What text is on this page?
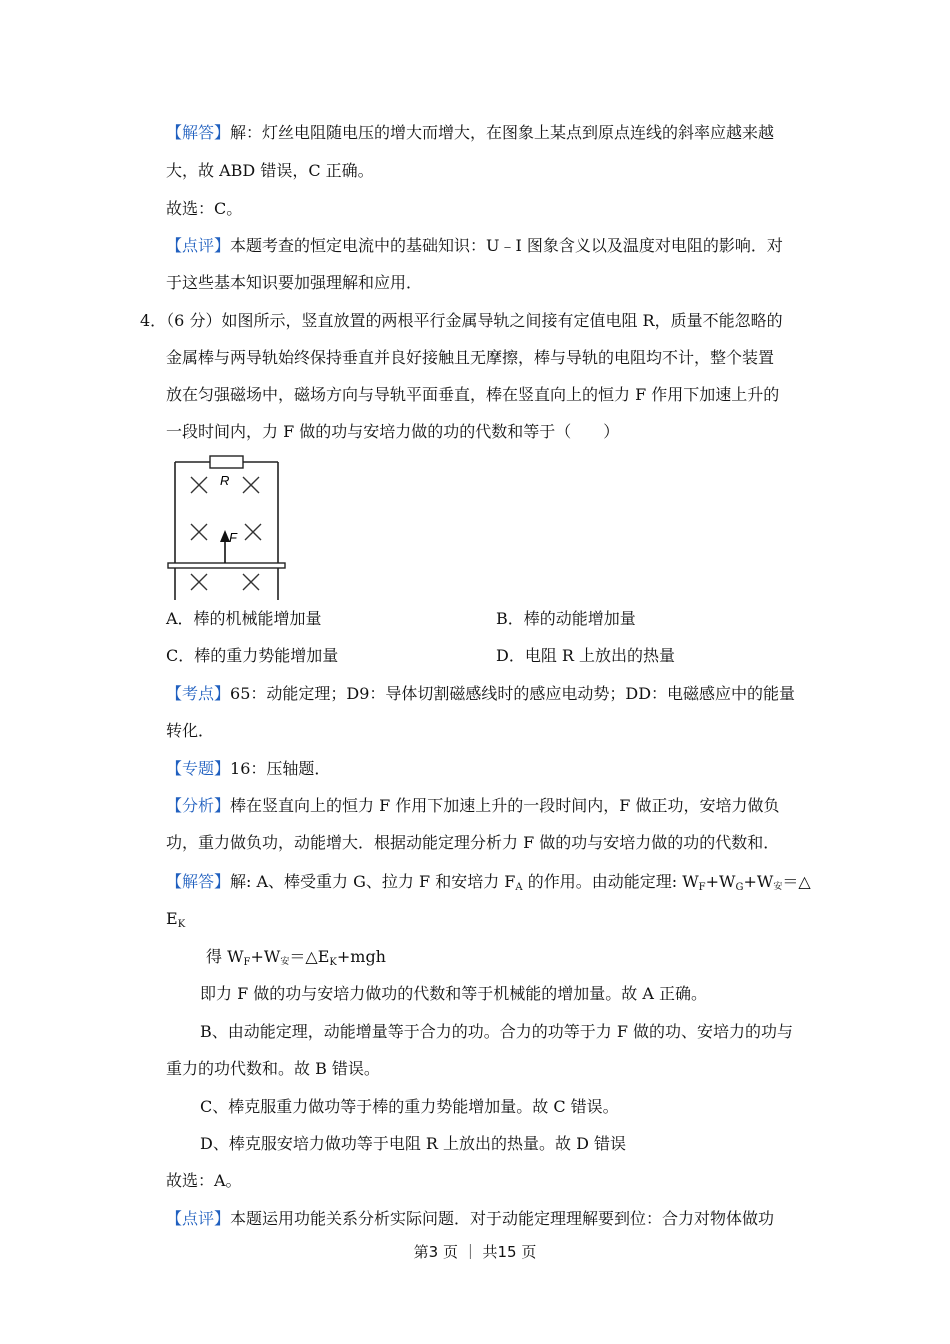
【解答】解：灯丝电阻随电压的增大而增大，在图象上某点到原点连线的斜率应越来越
大，故 ABD 错误，C 正确。
故选：C。
【点评】本题考查的恒定电流中的基础知识：U﹣I 图象含义以及温度对电阻的影响．对
于这些基本知识要加强理解和应用．
4．（6 分）如图所示，竖直放置的两根平行金属导轨之间接有定值电阻 R，质量不能忽略的
金属棒与两导轨始终保持垂直并良好接触且无摩擦，棒与导轨的电阻均不计，整个装置
放在匀强磁场中，磁场方向与导轨平面垂直，棒在竖直向上的恒力 F 作用下加速上升的
一段时间内，力 F 做的功与安培力做的功的代数和等于（　　）
R
F
A．棒的机械能增加量	B．棒的动能增加量
C．棒的重力势能增加量	D．电阻 R 上放出的热量
【考点】65：动能定理；D9：导体切割磁感线时的感应电动势；DD：电磁感应中的能量
转化．
【专题】16：压轴题．
【分析】棒在竖直向上的恒力 F 作用下加速上升的一段时间内，F 做正功，安培力做负
功，重力做负功，动能增大．根据动能定理分析力 F 做的功与安培力做的功的代数和．
【解答】解: A、棒受重力 G、拉力 F 和安培力 $F_A$ 的作用。由动能定理: $W_F+W_G+W$安＝△
$E_K$
得 $W_F+W$安$=\triangle E_K+mgh$
即力 F 做的功与安培力做功的代数和等于机械能的增加量。故 A 正确。
B、由动能定理，动能增量等于合力的功。合力的功等于力 F 做的功、安培力的功与
重力的功代数和。故 B 错误。
C、棒克服重力做功等于棒的重力势能增加量。故 C 错误。
D、棒克服安培力做功等于电阻 R 上放出的热量。故 D 错误
故选：A。
【点评】本题运用功能关系分析实际问题．对于动能定理理解要到位：合力对物体做功
第3 页 ｜ 共15 页
